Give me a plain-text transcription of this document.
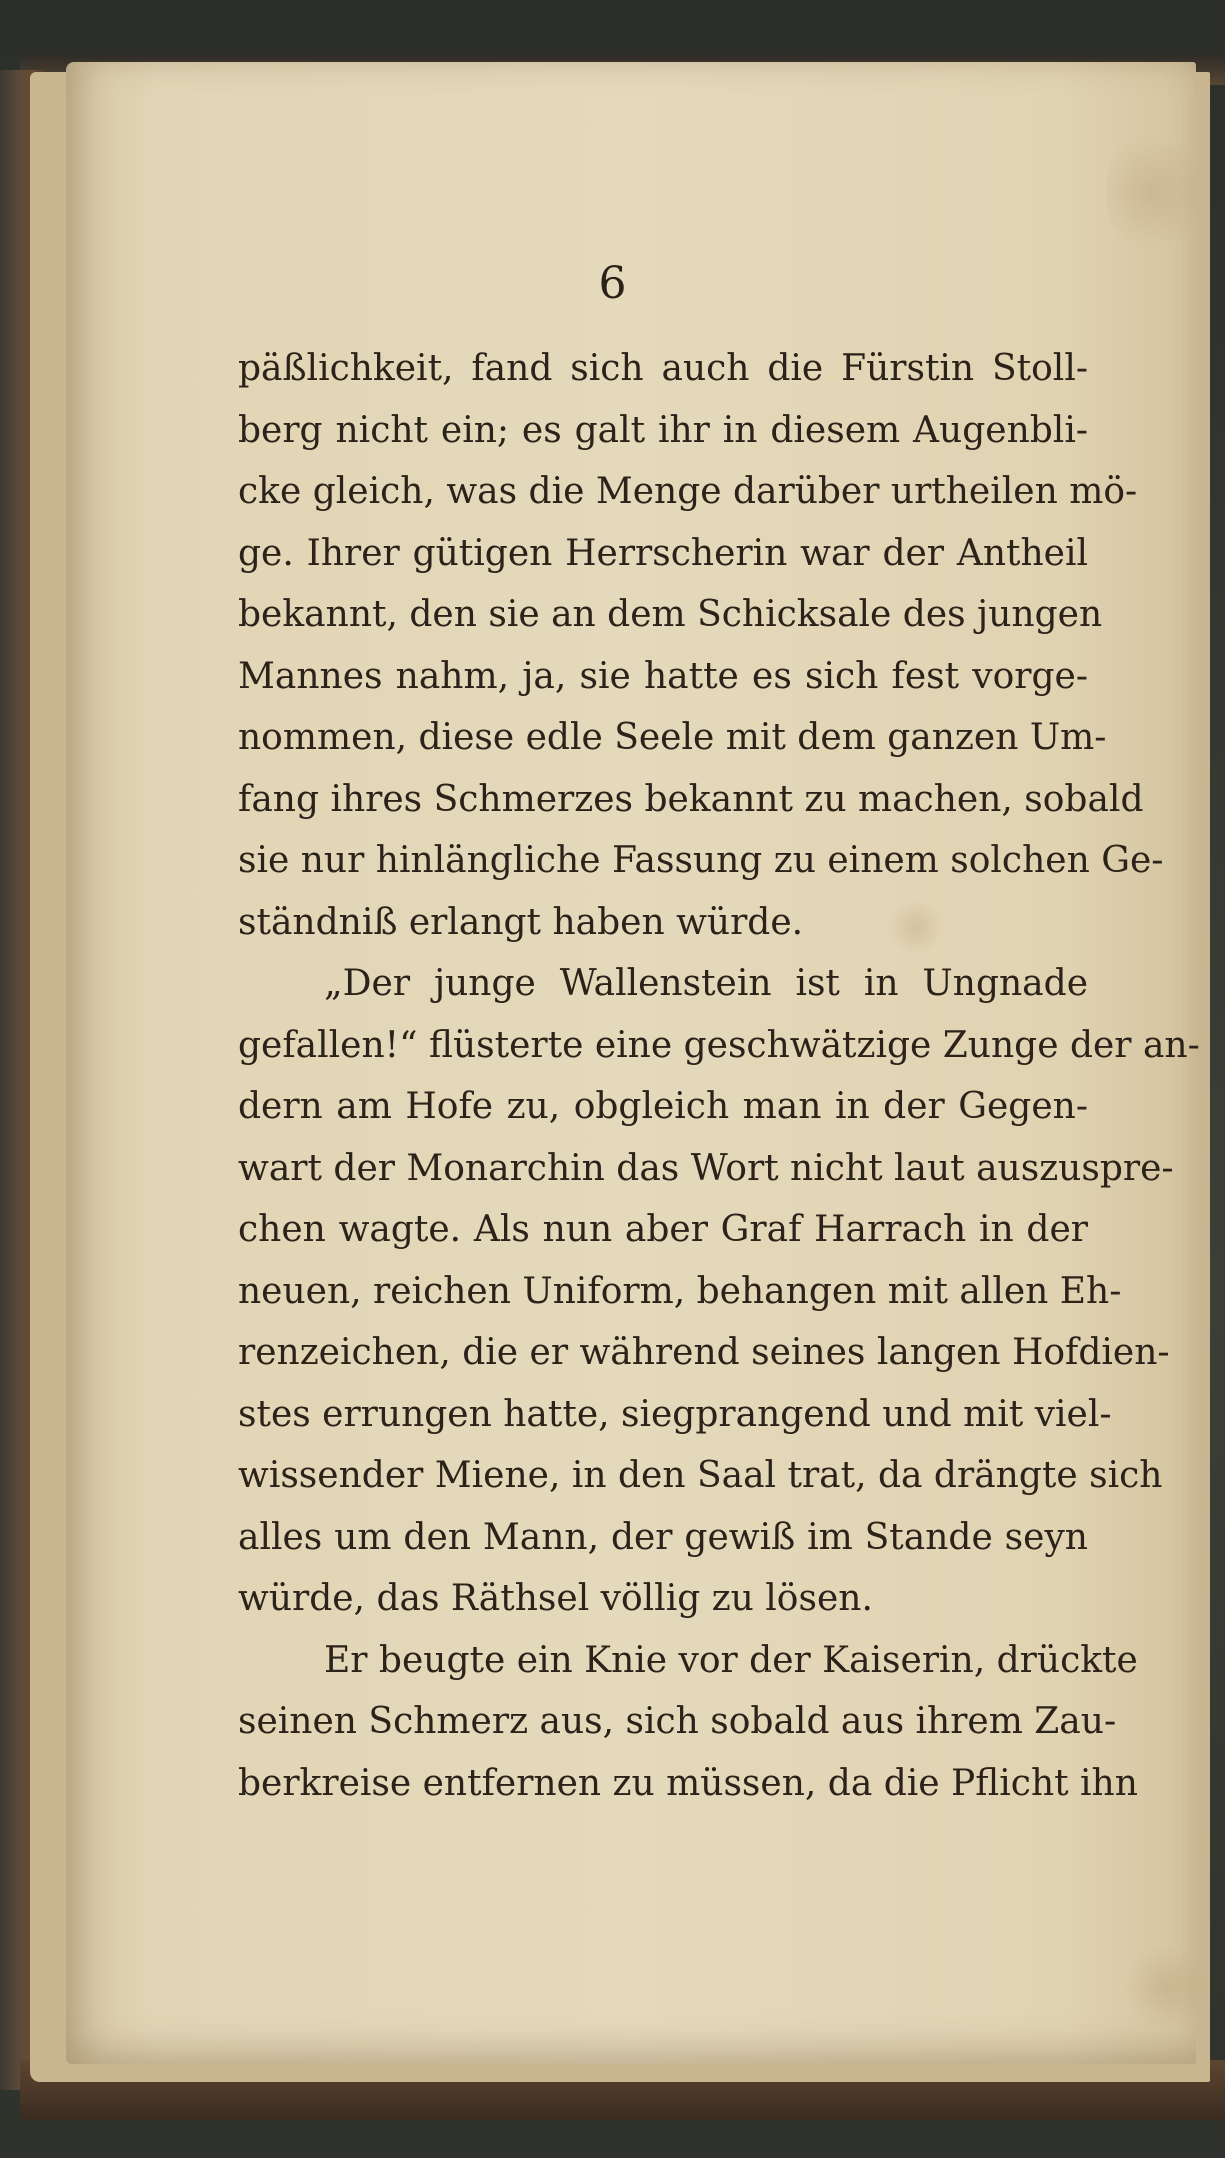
6
päßlichkeit, fand sich auch die Fürstin Stoll-
berg nicht ein; es galt ihr in diesem Augenbli-
cke gleich, was die Menge darüber urtheilen mö-
ge. Ihrer gütigen Herrscherin war der Antheil
bekannt, den sie an dem Schicksale des jungen
Mannes nahm, ja, sie hatte es sich fest vorge-
nommen, diese edle Seele mit dem ganzen Um-
fang ihres Schmerzes bekannt zu machen, sobald
sie nur hinlängliche Fassung zu einem solchen Ge-
ständniß erlangt haben würde.
„Der junge Wallenstein ist in Ungnade
gefallen!“ flüsterte eine geschwätzige Zunge der an-
dern am Hofe zu, obgleich man in der Gegen-
wart der Monarchin das Wort nicht laut auszuspre-
chen wagte. Als nun aber Graf Harrach in der
neuen, reichen Uniform, behangen mit allen Eh-
renzeichen, die er während seines langen Hofdien-
stes errungen hatte, siegprangend und mit viel-
wissender Miene, in den Saal trat, da drängte sich
alles um den Mann, der gewiß im Stande seyn
würde, das Räthsel völlig zu lösen.
Er beugte ein Knie vor der Kaiserin, drückte
seinen Schmerz aus, sich sobald aus ihrem Zau-
berkreise entfernen zu müssen, da die Pflicht ihn
